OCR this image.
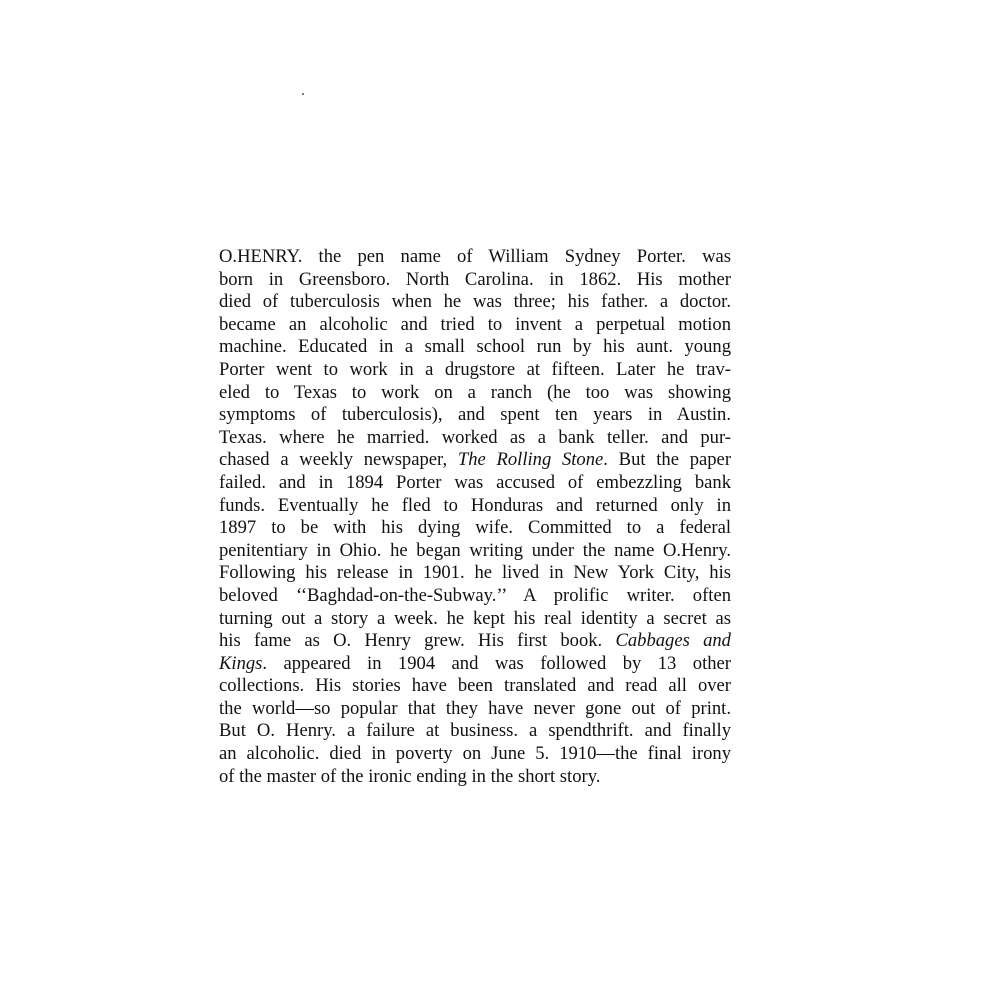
O.HENRY. the pen name of William Sydney Porter. was
born in Greensboro. North Carolina. in 1862. His mother
died of tuberculosis when he was three; his father. a doctor.
became an alcoholic and tried to invent a perpetual motion
machine. Educated in a small school run by his aunt. young
Porter went to work in a drugstore at fifteen. Later he trav-
eled to Texas to work on a ranch (he too was showing
symptoms of tuberculosis), and spent ten years in Austin.
Texas. where he married. worked as a bank teller. and pur-
chased a weekly newspaper, The Rolling Stone. But the paper
failed. and in 1894 Porter was accused of embezzling bank
funds. Eventually he fled to Honduras and returned only in
1897 to be with his dying wife. Committed to a federal
penitentiary in Ohio. he began writing under the name O.Henry.
Following his release in 1901. he lived in New York City, his
beloved ‘‘Baghdad-on-the-Subway.’’ A prolific writer. often
turning out a story a week. he kept his real identity a secret as
his fame as O. Henry grew. His first book. Cabbages and
Kings. appeared in 1904 and was followed by 13 other
collections. His stories have been translated and read all over
the world—so popular that they have never gone out of print.
But O. Henry. a failure at business. a spendthrift. and finally
an alcoholic. died in poverty on June 5. 1910—the final irony
of the master of the ironic ending in the short story.
